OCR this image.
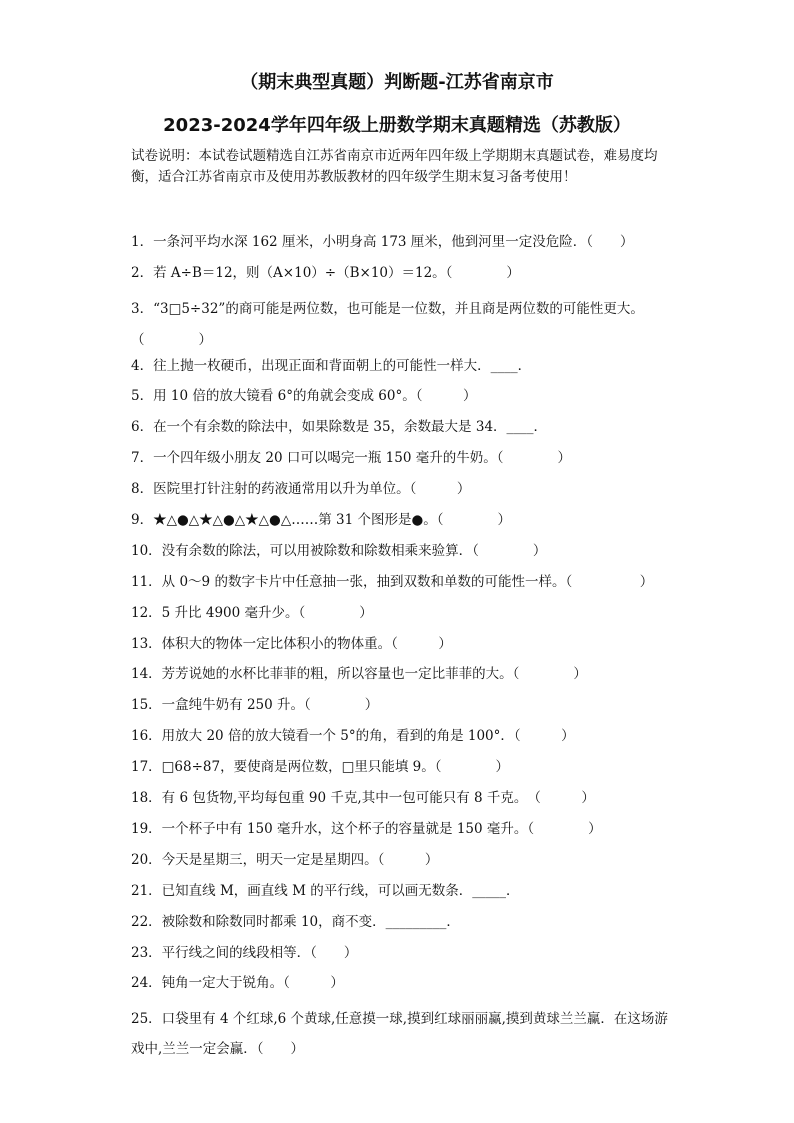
（期末典型真题）判断题-江苏省南京市
2023-2024学年四年级上册数学期末真题精选（苏教版）
试卷说明：本试卷试题精选自江苏省南京市近两年四年级上学期期末真题试卷，难易度均衡，适合江苏省南京市及使用苏教版教材的四年级学生期末复习备考使用！
1．一条河平均水深 162 厘米，小明身高 173 厘米，他到河里一定没危险．（　　）
2．若 A÷B＝12，则（A×10）÷（B×10）＝12。（　　　　）
3．“3□5÷32”的商可能是两位数，也可能是一位数，并且商是两位数的可能性更大。
（　　　　）
4．往上抛一枚硬币，出现正面和背面朝上的可能性一样大．____．
5．用 10 倍的放大镜看 6°的角就会变成 60°。（　　　）
6．在一个有余数的除法中，如果除数是 35，余数最大是 34．____．
7．一个四年级小朋友 20 口可以喝完一瓶 150 毫升的牛奶。（　　　　）
8．医院里打针注射的药液通常用以升为单位。（　　　）
9．★△●△★△●△★△●△……第 31 个图形是●。（　　　　）
10．没有余数的除法，可以用被除数和除数相乘来验算．（　　　　）
11．从 0～9 的数字卡片中任意抽一张，抽到双数和单数的可能性一样。（　　　　　）
12．5 升比 4900 毫升少。（　　　　）
13．体积大的物体一定比体积小的物体重。（　　　）
14．芳芳说她的水杯比菲菲的粗，所以容量也一定比菲菲的大。（　　　　）
15．一盒纯牛奶有 250 升。（　　　　）
16．用放大 20 倍的放大镜看一个 5°的角，看到的角是 100°．（　　　）
17．□68÷87，要使商是两位数，□里只能填 9。（　　　　）
18．有 6 包货物,平均每包重 90 千克,其中一包可能只有 8 千克。　（　　　）
19．一个杯子中有 150 毫升水，这个杯子的容量就是 150 毫升。（　　　　）
20．今天是星期三，明天一定是星期四。（　　　）
21．已知直线 M，画直线 M 的平行线，可以画无数条．_____．
22．被除数和除数同时都乘 10，商不变．_________．
23．平行线之间的线段相等．（　　）
24．钝角一定大于锐角。（　　　）
25．口袋里有 4 个红球,6 个黄球,任意摸一球,摸到红球丽丽赢,摸到黄球兰兰赢．在这场游戏中,兰兰一定会赢．（　　）
